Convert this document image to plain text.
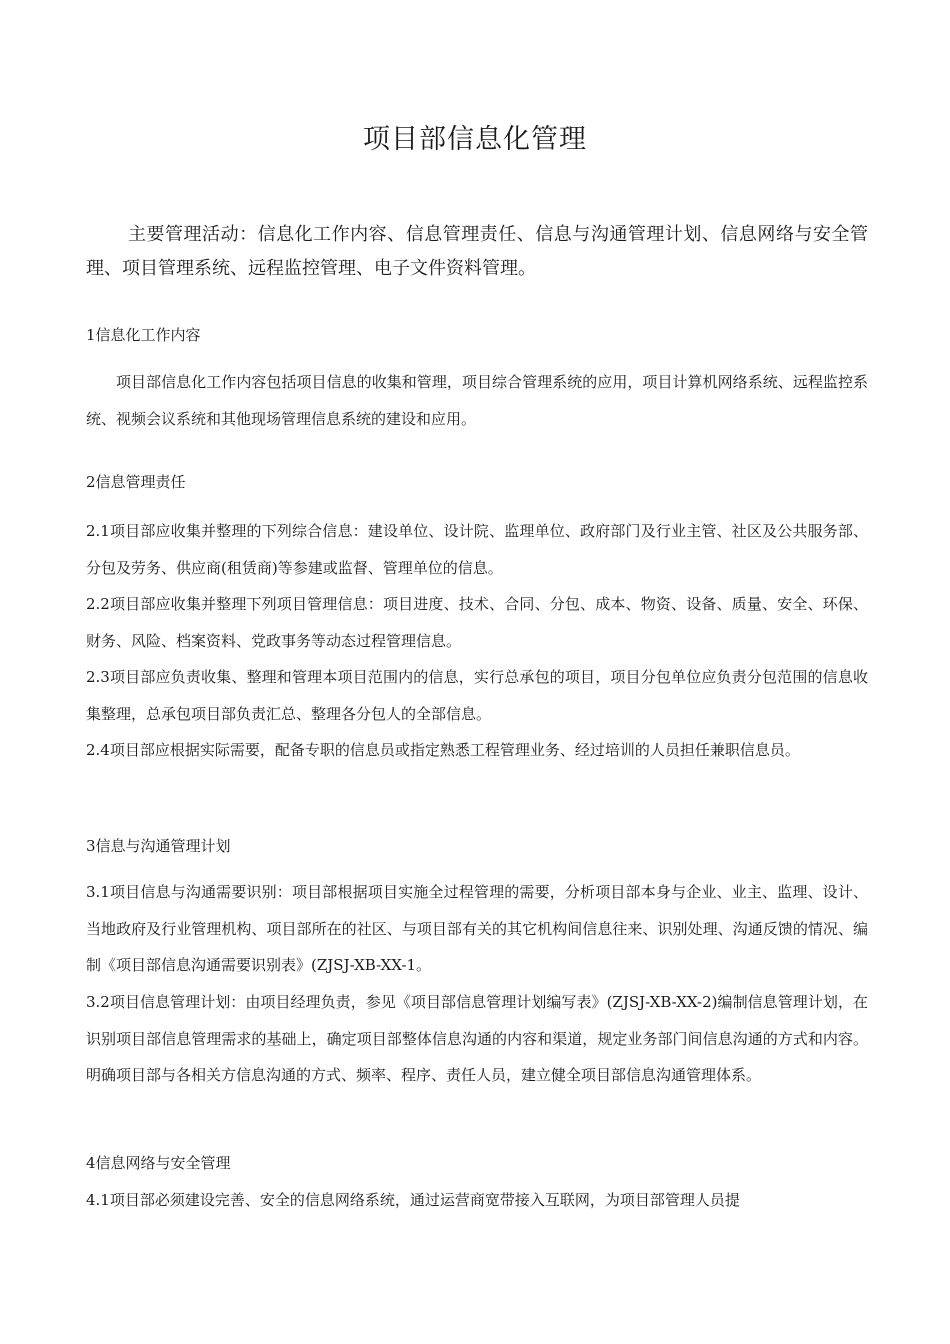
项目部信息化管理
主要管理活动：信息化工作内容、信息管理责任、信息与沟通管理计划、信息网络与安全管理、项目管理系统、远程监控管理、电子文件资料管理。
1信息化工作内容
项目部信息化工作内容包括项目信息的收集和管理，项目综合管理系统的应用，项目计算机网络系统、远程监控系统、视频会议系统和其他现场管理信息系统的建设和应用。
2信息管理责任
2.1项目部应收集并整理的下列综合信息：建设单位、设计院、监理单位、政府部门及行业主管、社区及公共服务部、分包及劳务、供应商(租赁商)等参建或监督、管理单位的信息。
2.2项目部应收集并整理下列项目管理信息：项目进度、技术、合同、分包、成本、物资、设备、质量、安全、环保、财务、风险、档案资料、党政事务等动态过程管理信息。
2.3项目部应负责收集、整理和管理本项目范围内的信息，实行总承包的项目，项目分包单位应负责分包范围的信息收集整理，总承包项目部负责汇总、整理各分包人的全部信息。
2.4项目部应根据实际需要，配备专职的信息员或指定熟悉工程管理业务、经过培训的人员担任兼职信息员。
3信息与沟通管理计划
3.1项目信息与沟通需要识别：项目部根据项目实施全过程管理的需要，分析项目部本身与企业、业主、监理、设计、当地政府及行业管理机构、项目部所在的社区、与项目部有关的其它机构间信息往来、识别处理、沟通反馈的情况、编制《项目部信息沟通需要识别表》(ZJSJ-XB-XX-1。
3.2项目信息管理计划：由项目经理负责，参见《项目部信息管理计划编写表》(ZJSJ-XB-XX-2)编制信息管理计划，在识别项目部信息管理需求的基础上，确定项目部整体信息沟通的内容和渠道，规定业务部门间信息沟通的方式和内容。明确项目部与各相关方信息沟通的方式、频率、程序、责任人员，建立健全项目部信息沟通管理体系。
4信息网络与安全管理
4.1项目部必须建设完善、安全的信息网络系统，通过运营商宽带接入互联网，为项目部管理人员提
